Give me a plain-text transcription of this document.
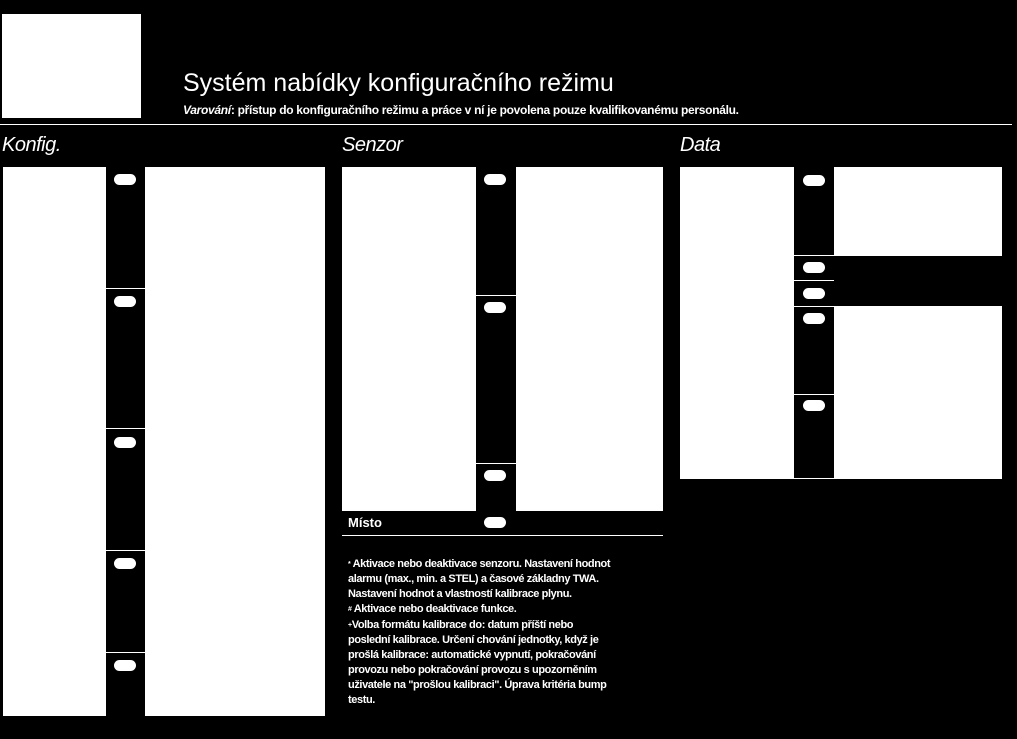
Systém nabídky konfiguračního režimu
Varování: přístup do konfiguračního režimu a práce v ní je povolena pouze kvalifikovanému personálu.
Konfig.	Senzor	Data
Místo
* Aktivace nebo deaktivace senzoru. Nastavení hodnot
alarmu (max., min. a STEL) a časové základny TWA.
Nastavení hodnot a vlastností kalibrace plynu.
# Aktivace nebo deaktivace funkce.
+Volba formátu kalibrace do: datum příští nebo
poslední kalibrace. Určení chování jednotky, když je
prošlá kalibrace: automatické vypnutí, pokračování
provozu nebo pokračování provozu s upozorněním
uživatele na "prošlou kalibraci". Úprava kritéria bump
testu.
